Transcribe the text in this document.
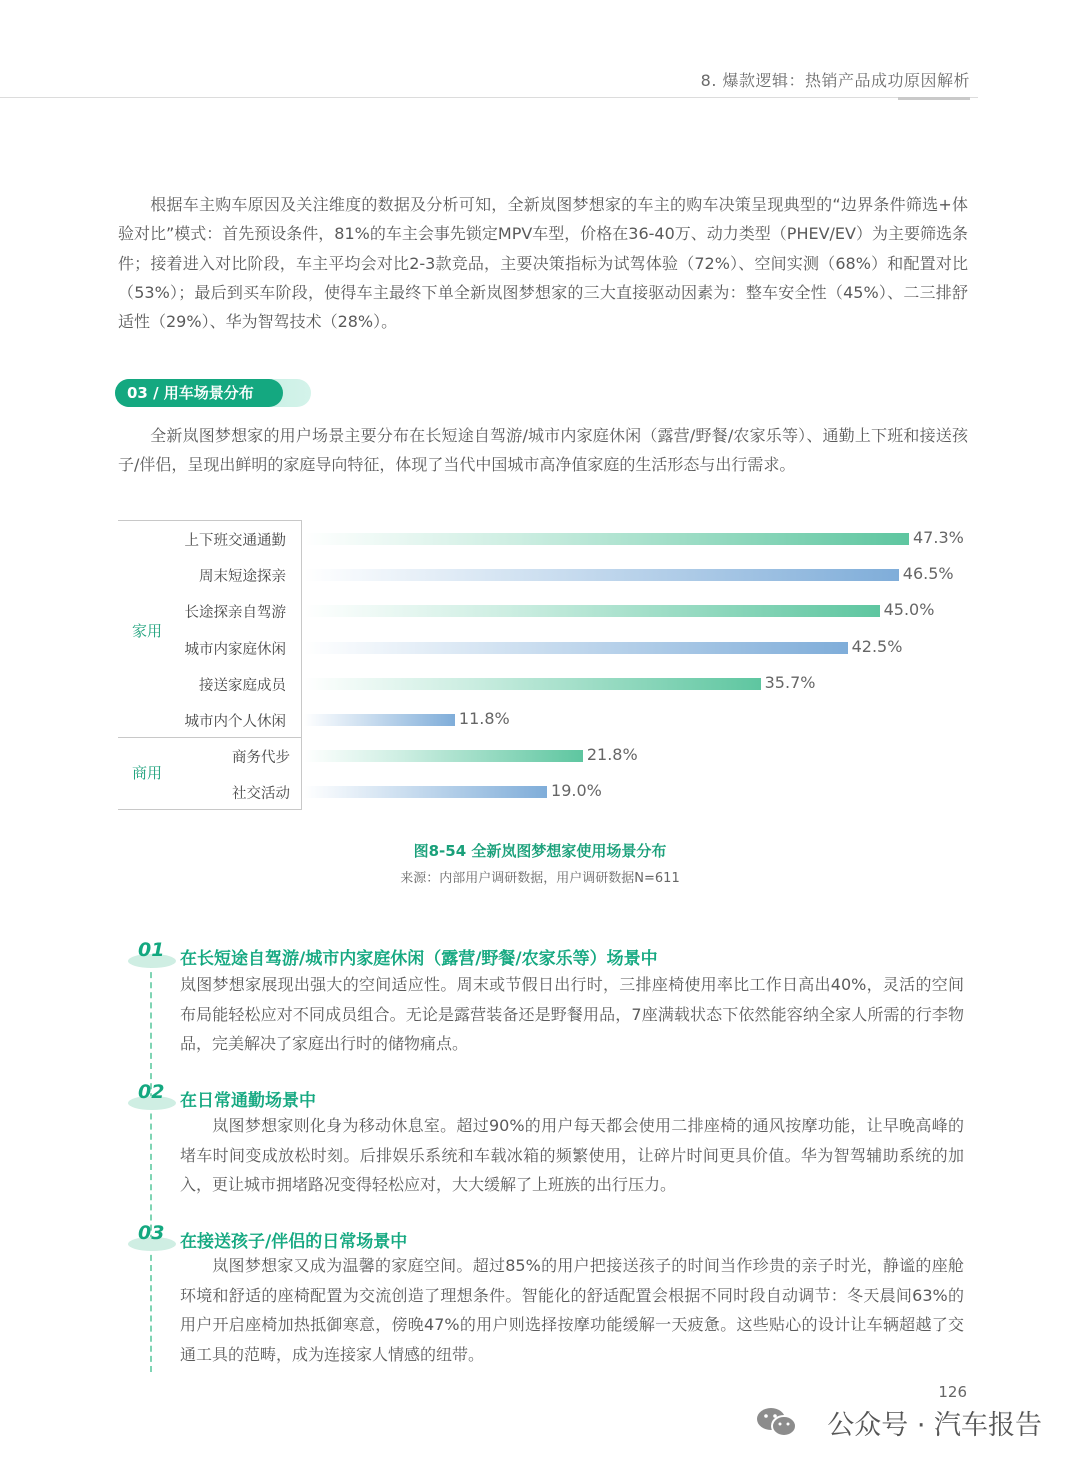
8. 爆款逻辑：热销产品成功原因解析
根据车主购车原因及关注维度的数据及分析可知，全新岚图梦想家的车主的购车决策呈现典型的“边界条件筛选+体验对比”模式：首先预设条件，81%的车主会事先锁定MPV车型，价格在36-40万、动力类型（PHEV/EV）为主要筛选条件；接着进入对比阶段，车主平均会对比2-3款竞品，主要决策指标为试驾体验（72%）、空间实测（68%）和配置对比（53%）；最后到买车阶段，使得车主最终下单全新岚图梦想家的三大直接驱动因素为：整车安全性（45%）、二三排舒适性（29%）、华为智驾技术（28%）。
03 / 用车场景分布
全新岚图梦想家的用户场景主要分布在长短途自驾游/城市内家庭休闲（露营/野餐/农家乐等）、通勤上下班和接送孩子/伴侣，呈现出鲜明的家庭导向特征，体现了当代中国城市高净值家庭的生活形态与出行需求。
家用
商用
上下班交通通勤	47.3%
周末短途探亲	46.5%
长途探亲自驾游	45.0%
城市内家庭休闲	42.5%
接送家庭成员	35.7%
城市内个人休闲	11.8%
商务代步	21.8%
社交活动	19.0%
图8-54 全新岚图梦想家使用场景分布
来源：内部用户调研数据，用户调研数据N=611
01 在长短途自驾游/城市内家庭休闲（露营/野餐/农家乐等）场景中
岚图梦想家展现出强大的空间适应性。周末或节假日出行时，三排座椅使用率比工作日高出40%，灵活的空间布局能轻松应对不同成员组合。无论是露营装备还是野餐用品，7座满载状态下依然能容纳全家人所需的行李物品，完美解决了家庭出行时的储物痛点。
02 在日常通勤场景中
岚图梦想家则化身为移动休息室。超过90%的用户每天都会使用二排座椅的通风按摩功能，让早晚高峰的堵车时间变成放松时刻。后排娱乐系统和车载冰箱的频繁使用，让碎片时间更具价值。华为智驾辅助系统的加入，更让城市拥堵路况变得轻松应对，大大缓解了上班族的出行压力。
03 在接送孩子/伴侣的日常场景中
岚图梦想家又成为温馨的家庭空间。超过85%的用户把接送孩子的时间当作珍贵的亲子时光，静谧的座舱环境和舒适的座椅配置为交流创造了理想条件。智能化的舒适配置会根据不同时段自动调节：冬天晨间63%的用户开启座椅加热抵御寒意，傍晚47%的用户则选择按摩功能缓解一天疲惫。这些贴心的设计让车辆超越了交通工具的范畴，成为连接家人情感的纽带。
126
公众号 · 汽车报告
